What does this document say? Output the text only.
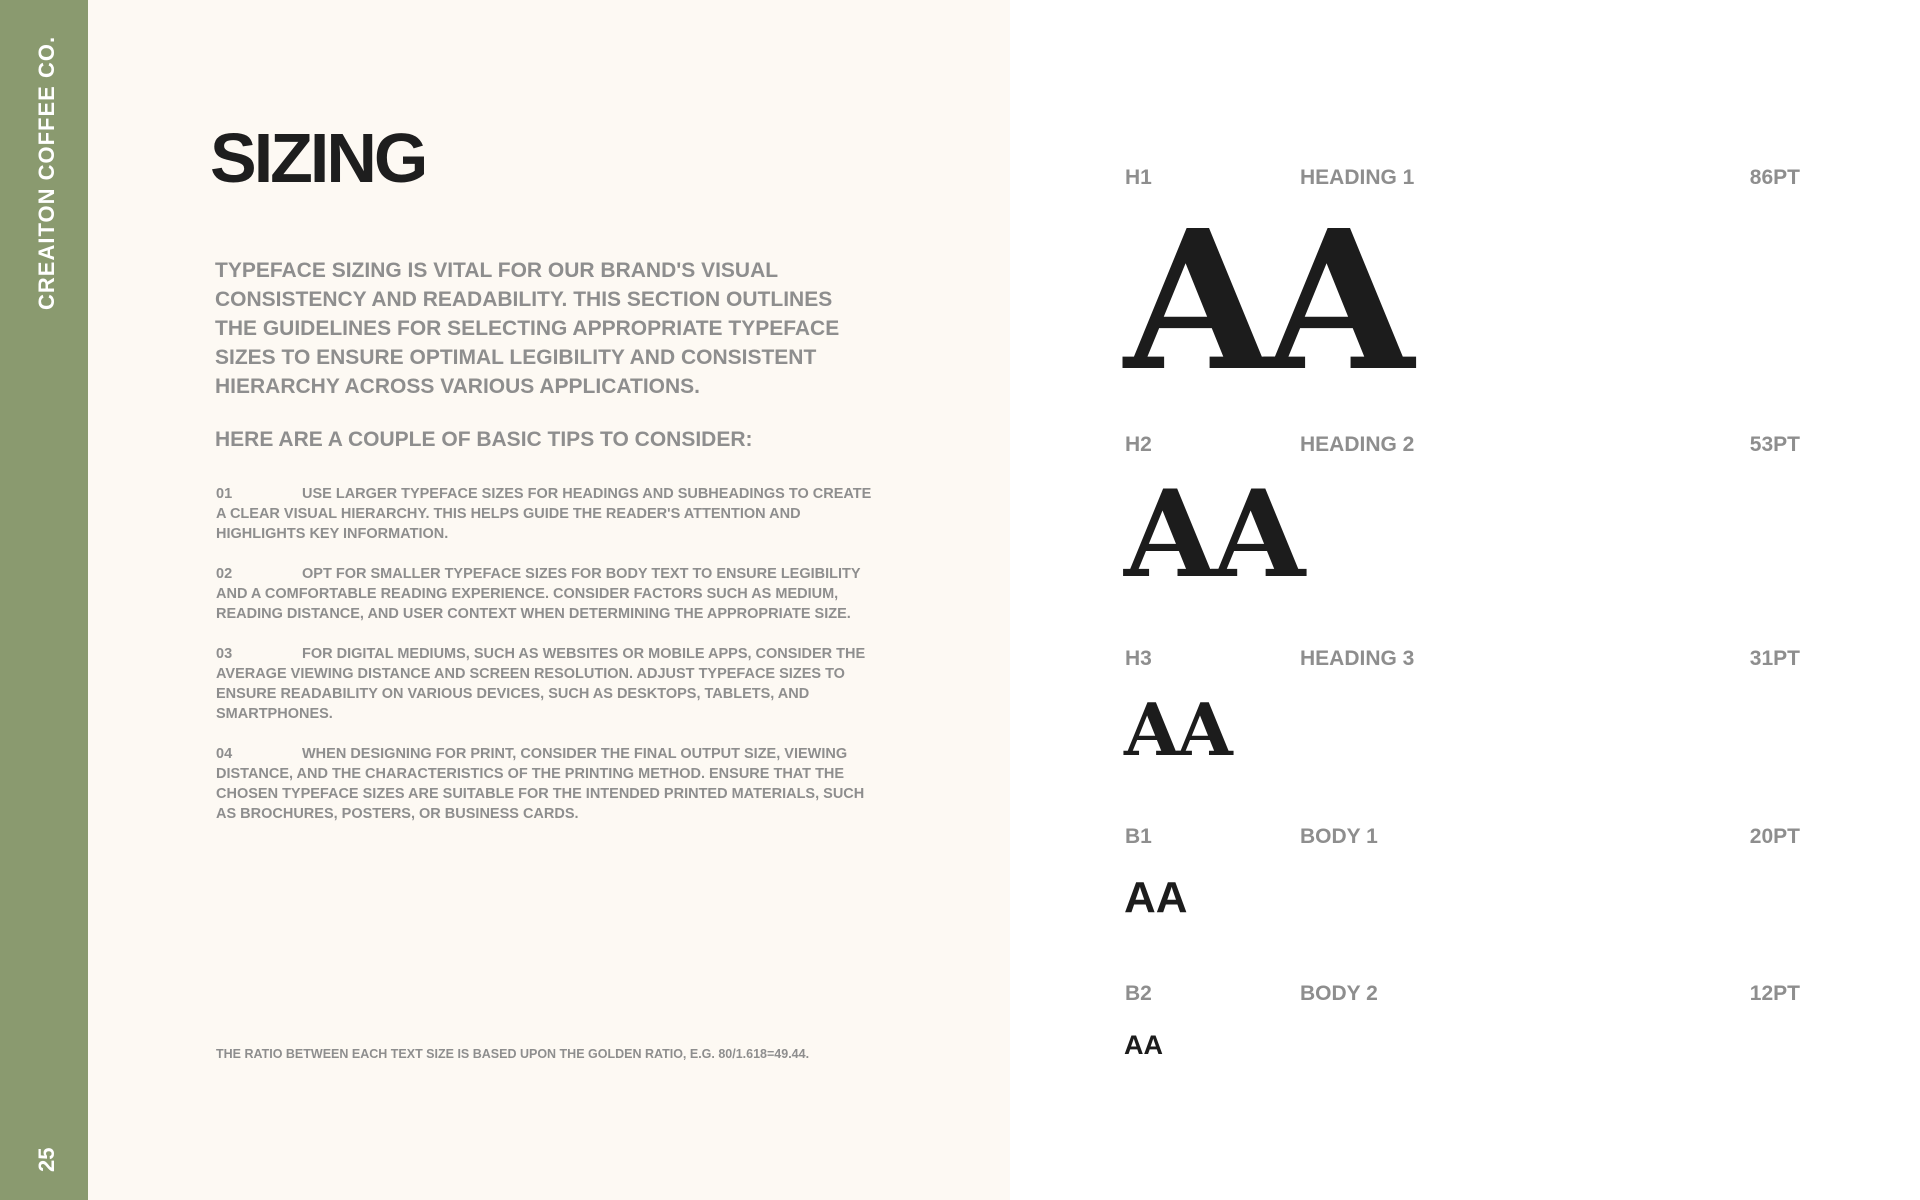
CREAITON COFFEE CO.
25
SIZING

TYPEFACE SIZING IS VITAL FOR OUR BRAND'S VISUAL CONSISTENCY AND READABILITY. THIS SECTION OUTLINES THE GUIDELINES FOR SELECTING APPROPRIATE TYPEFACE SIZES TO ENSURE OPTIMAL LEGIBILITY AND CONSISTENT HIERARCHY ACROSS VARIOUS APPLICATIONS.

HERE ARE A COUPLE OF BASIC TIPS TO CONSIDER:

01	USE LARGER TYPEFACE SIZES FOR HEADINGS AND SUBHEADINGS TO CREATE A CLEAR VISUAL HIERARCHY. THIS HELPS GUIDE THE READER'S ATTENTION AND HIGHLIGHTS KEY INFORMATION.
02	OPT FOR SMALLER TYPEFACE SIZES FOR BODY TEXT TO ENSURE LEGIBILITY AND A COMFORTABLE READING EXPERIENCE. CONSIDER FACTORS SUCH AS MEDIUM, READING DISTANCE, AND USER CONTEXT WHEN DETERMINING THE APPROPRIATE SIZE.
03	FOR DIGITAL MEDIUMS, SUCH AS WEBSITES OR MOBILE APPS, CONSIDER THE AVERAGE VIEWING DISTANCE AND SCREEN RESOLUTION. ADJUST TYPEFACE SIZES TO ENSURE READABILITY ON VARIOUS DEVICES, SUCH AS DESKTOPS, TABLETS, AND SMARTPHONES.
04	WHEN DESIGNING FOR PRINT, CONSIDER THE FINAL OUTPUT SIZE, VIEWING DISTANCE, AND THE CHARACTERISTICS OF THE PRINTING METHOD. ENSURE THAT THE CHOSEN TYPEFACE SIZES ARE SUITABLE FOR THE INTENDED PRINTED MATERIALS, SUCH AS BROCHURES, POSTERS, OR BUSINESS CARDS.
THE RATIO BETWEEN EACH TEXT SIZE IS BASED UPON THE GOLDEN RATIO, E.G. 80/1.618=49.44.
H1	HEADING 1	86PT
AA
H2	HEADING 2	53PT
AA
H3	HEADING 3	31PT
AA
B1	BODY 1	20PT
AA
B2	BODY 2	12PT
AA
